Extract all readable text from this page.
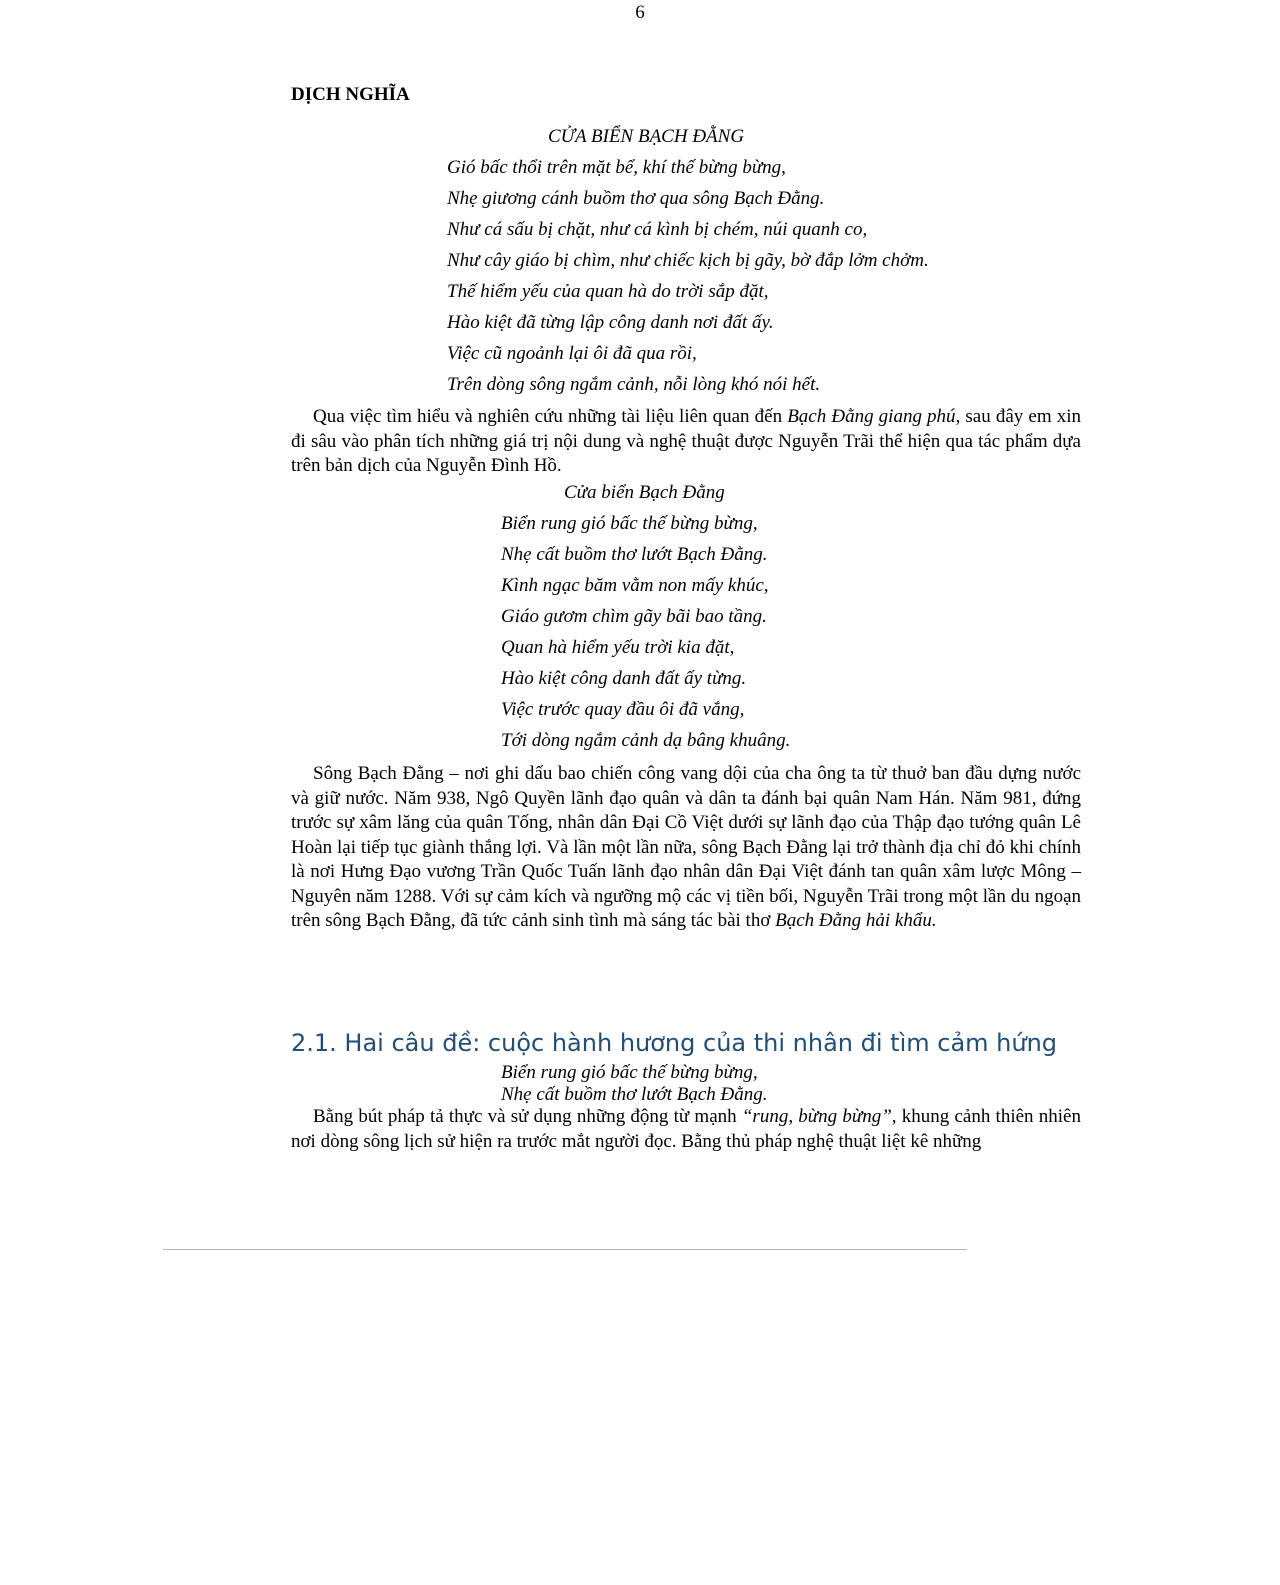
6
DỊCH NGHĨA
CỬA BIỂN BẠCH ĐẰNG
Gió bấc thổi trên mặt bể, khí thế bừng bừng,
Nhẹ giương cánh buồm thơ qua sông Bạch Đằng.
Như cá sấu bị chặt, như cá kình bị chém, núi quanh co,
Như cây giáo bị chìm, như chiếc kịch bị gãy, bờ đắp lởm chởm.
Thế hiểm yếu của quan hà do trời sắp đặt,
Hào kiệt đã từng lập công danh nơi đất ấy.
Việc cũ ngoảnh lại ôi đã qua rồi,
Trên dòng sông ngắm cảnh, nỗi lòng khó nói hết.

Qua việc tìm hiểu và nghiên cứu những tài liệu liên quan đến Bạch Đằng giang phú, sau đây em xin đi sâu vào phân tích những giá trị nội dung và nghệ thuật được Nguyễn Trãi thể hiện qua tác phẩm dựa trên bản dịch của Nguyễn Đình Hồ.

Cửa biển Bạch Đằng
Biển rung gió bấc thế bừng bừng,
Nhẹ cất buồm thơ lướt Bạch Đằng.
Kình ngạc băm vằm non mấy khúc,
Giáo gươm chìm gãy bãi bao tầng.
Quan hà hiểm yếu trời kia đặt,
Hào kiệt công danh đất ấy từng.
Việc trước quay đầu ôi đã vắng,
Tới dòng ngắm cảnh dạ bâng khuâng.

Sông Bạch Đằng – nơi ghi dấu bao chiến công vang dội của cha ông ta từ thuở ban đầu dựng nước và giữ nước. Năm 938, Ngô Quyền lãnh đạo quân và dân ta đánh bại quân Nam Hán. Năm 981, đứng trước sự xâm lăng của quân Tống, nhân dân Đại Cồ Việt dưới sự lãnh đạo của Thập đạo tướng quân Lê Hoàn lại tiếp tục giành thắng lợi. Và lần một lần nữa, sông Bạch Đằng lại trở thành địa chỉ đỏ khi chính là nơi Hưng Đạo vương Trần Quốc Tuấn lãnh đạo nhân dân Đại Việt đánh tan quân xâm lược Mông – Nguyên năm 1288. Với sự cảm kích và ngưỡng mộ các vị tiền bối, Nguyễn Trãi trong một lần du ngoạn trên sông Bạch Đằng, đã tức cảnh sinh tình mà sáng tác bài thơ Bạch Đằng hải khẩu.

2.1. Hai câu đề: cuộc hành hương của thi nhân đi tìm cảm hứng
Biển rung gió bấc thế bừng bừng,
Nhẹ cất buồm thơ lướt Bạch Đằng.

Bằng bút pháp tả thực và sử dụng những động từ mạnh “rung, bừng bừng”, khung cảnh thiên nhiên nơi dòng sông lịch sử hiện ra trước mắt người đọc. Bằng thủ pháp nghệ thuật liệt kê những
